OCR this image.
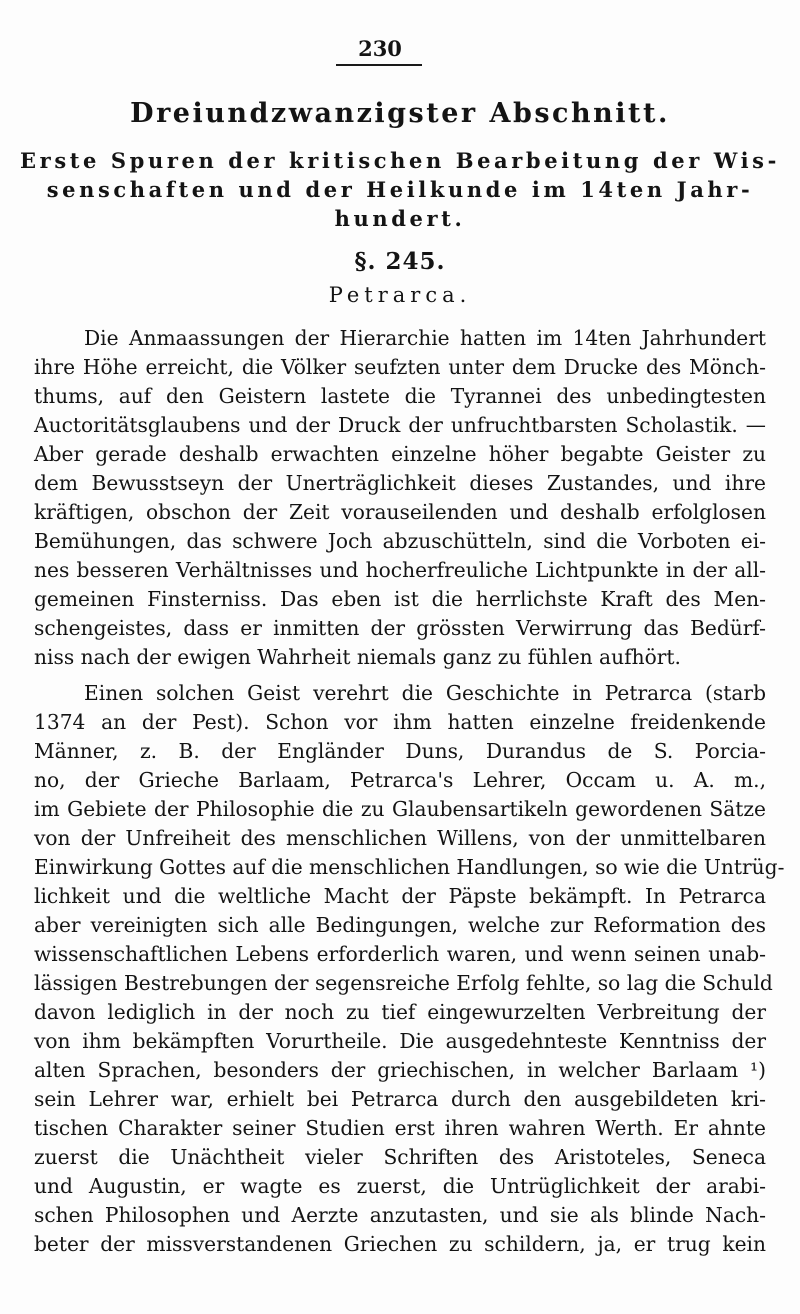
230
Dreiundzwanzigster Abschnitt.
Erste Spuren der kritischen Bearbeitung der Wis-
senschaften und der Heilkunde im 14ten Jahr-
hundert.
§. 245.
Petrarca.
Die Anmaassungen der Hierarchie hatten im 14ten Jahrhundert
ihre Höhe erreicht, die Völker seufzten unter dem Drucke des Mönch-
thums, auf den Geistern lastete die Tyrannei des unbedingtesten
Auctoritätsglaubens und der Druck der unfruchtbarsten Scholastik. —
Aber gerade deshalb erwachten einzelne höher begabte Geister zu
dem Bewusstseyn der Unerträglichkeit dieses Zustandes, und ihre
kräftigen, obschon der Zeit vorauseilenden und deshalb erfolglosen
Bemühungen, das schwere Joch abzuschütteln, sind die Vorboten ei-
nes besseren Verhältnisses und hocherfreuliche Lichtpunkte in der all-
gemeinen Finsterniss. Das eben ist die herrlichste Kraft des Men-
schengeistes, dass er inmitten der grössten Verwirrung das Bedürf-
niss nach der ewigen Wahrheit niemals ganz zu fühlen aufhört.
Einen solchen Geist verehrt die Geschichte in Petrarca (starb
1374 an der Pest). Schon vor ihm hatten einzelne freidenkende
Männer, z. B. der Engländer Duns, Durandus de S. Porcia-
no, der Grieche Barlaam, Petrarca's Lehrer, Occam u. A. m.,
im Gebiete der Philosophie die zu Glaubensartikeln gewordenen Sätze
von der Unfreiheit des menschlichen Willens, von der unmittelbaren
Einwirkung Gottes auf die menschlichen Handlungen, so wie die Untrüg-
lichkeit und die weltliche Macht der Päpste bekämpft. In Petrarca
aber vereinigten sich alle Bedingungen, welche zur Reformation des
wissenschaftlichen Lebens erforderlich waren, und wenn seinen unab-
lässigen Bestrebungen der segensreiche Erfolg fehlte, so lag die Schuld
davon lediglich in der noch zu tief eingewurzelten Verbreitung der
von ihm bekämpften Vorurtheile. Die ausgedehnteste Kenntniss der
alten Sprachen, besonders der griechischen, in welcher Barlaam ¹)
sein Lehrer war, erhielt bei Petrarca durch den ausgebildeten kri-
tischen Charakter seiner Studien erst ihren wahren Werth. Er ahnte
zuerst die Unächtheit vieler Schriften des Aristoteles, Seneca
und Augustin, er wagte es zuerst, die Untrüglichkeit der arabi-
schen Philosophen und Aerzte anzutasten, und sie als blinde Nach-
beter der missverstandenen Griechen zu schildern, ja, er trug kein
